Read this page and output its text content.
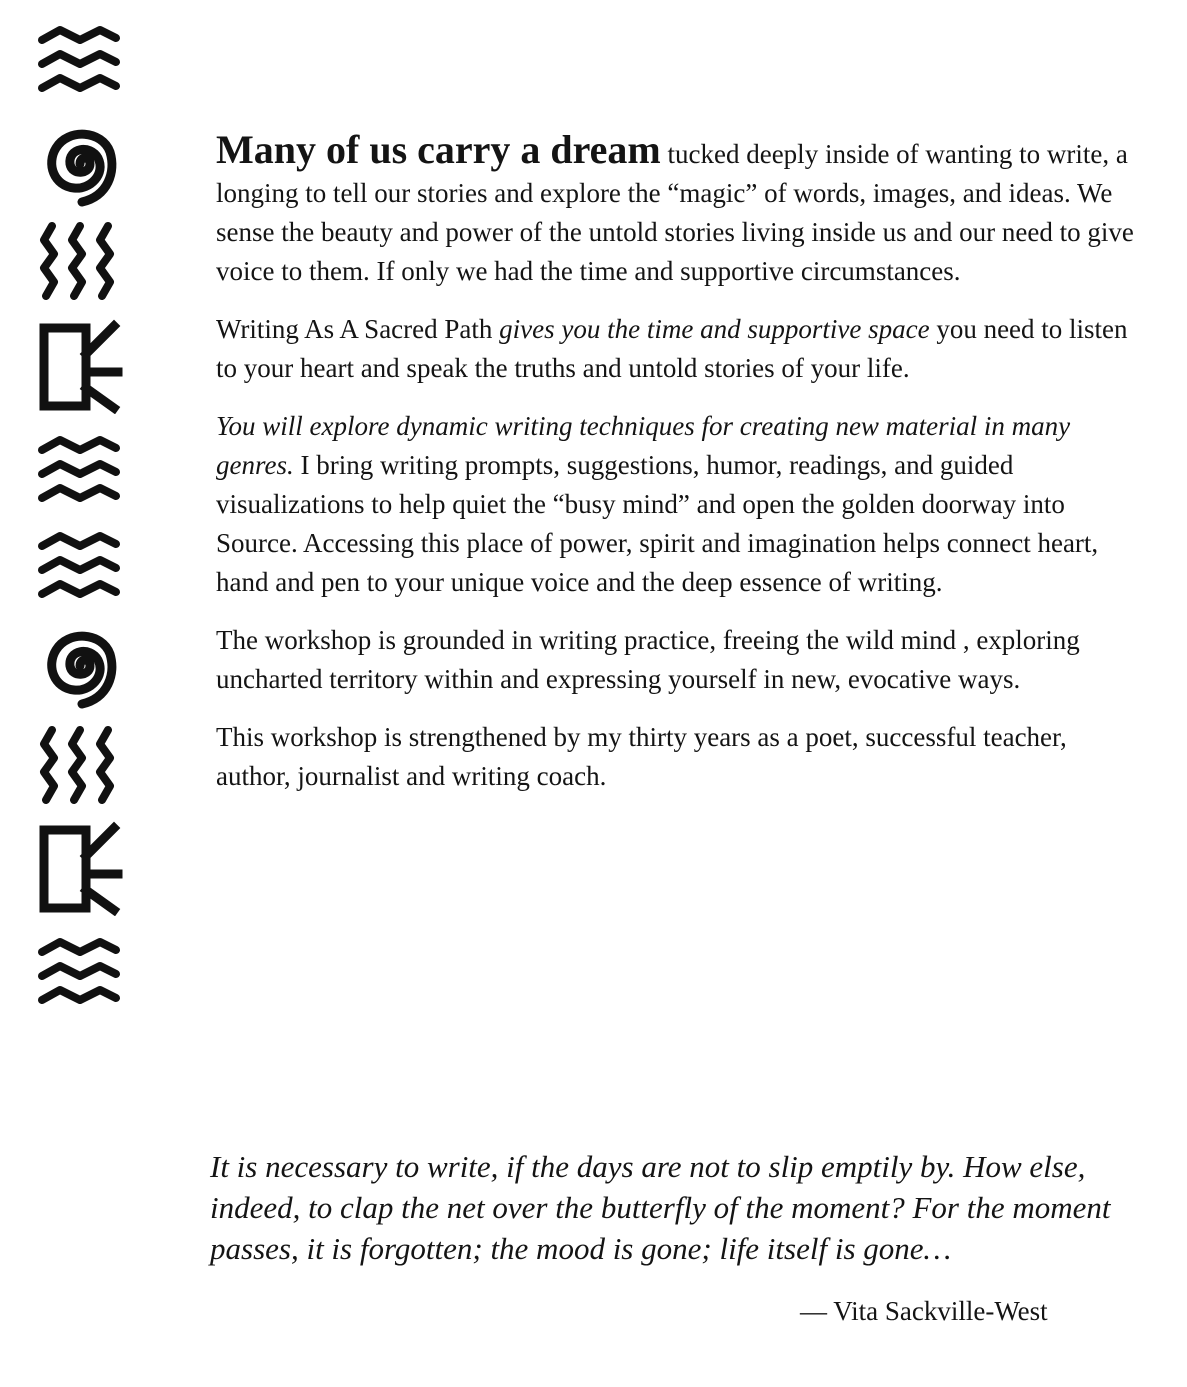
Many of us carry a dream tucked deeply inside of wanting to write, a longing to tell our stories and explore the “magic” of words, images, and ideas. We sense the beauty and power of the untold stories living inside us and our need to give voice to them. If only we had the time and supportive circumstances.

Writing As A Sacred Path gives you the time and supportive space you need to listen to your heart and speak the truths and untold stories of your life.

You will explore dynamic writing techniques for creating new material in many genres. I bring writing prompts, suggestions, humor, readings, and guided visualizations to help quiet the “busy mind” and open the golden doorway into Source. Accessing this place of power, spirit and imagination helps connect heart, hand and pen to your unique voice and the deep essence of writing.

The workshop is grounded in writing practice, freeing the wild mind , exploring uncharted territory within and expressing yourself in new, evocative ways.

This workshop is strengthened by my thirty years as a poet, successful teacher, author, journalist and writing coach.

It is necessary to write, if the days are not to slip emptily by. How else, indeed, to clap the net over the butterfly of the moment? For the moment passes, it is forgotten; the mood is gone; life itself is gone…

— Vita Sackville-West
